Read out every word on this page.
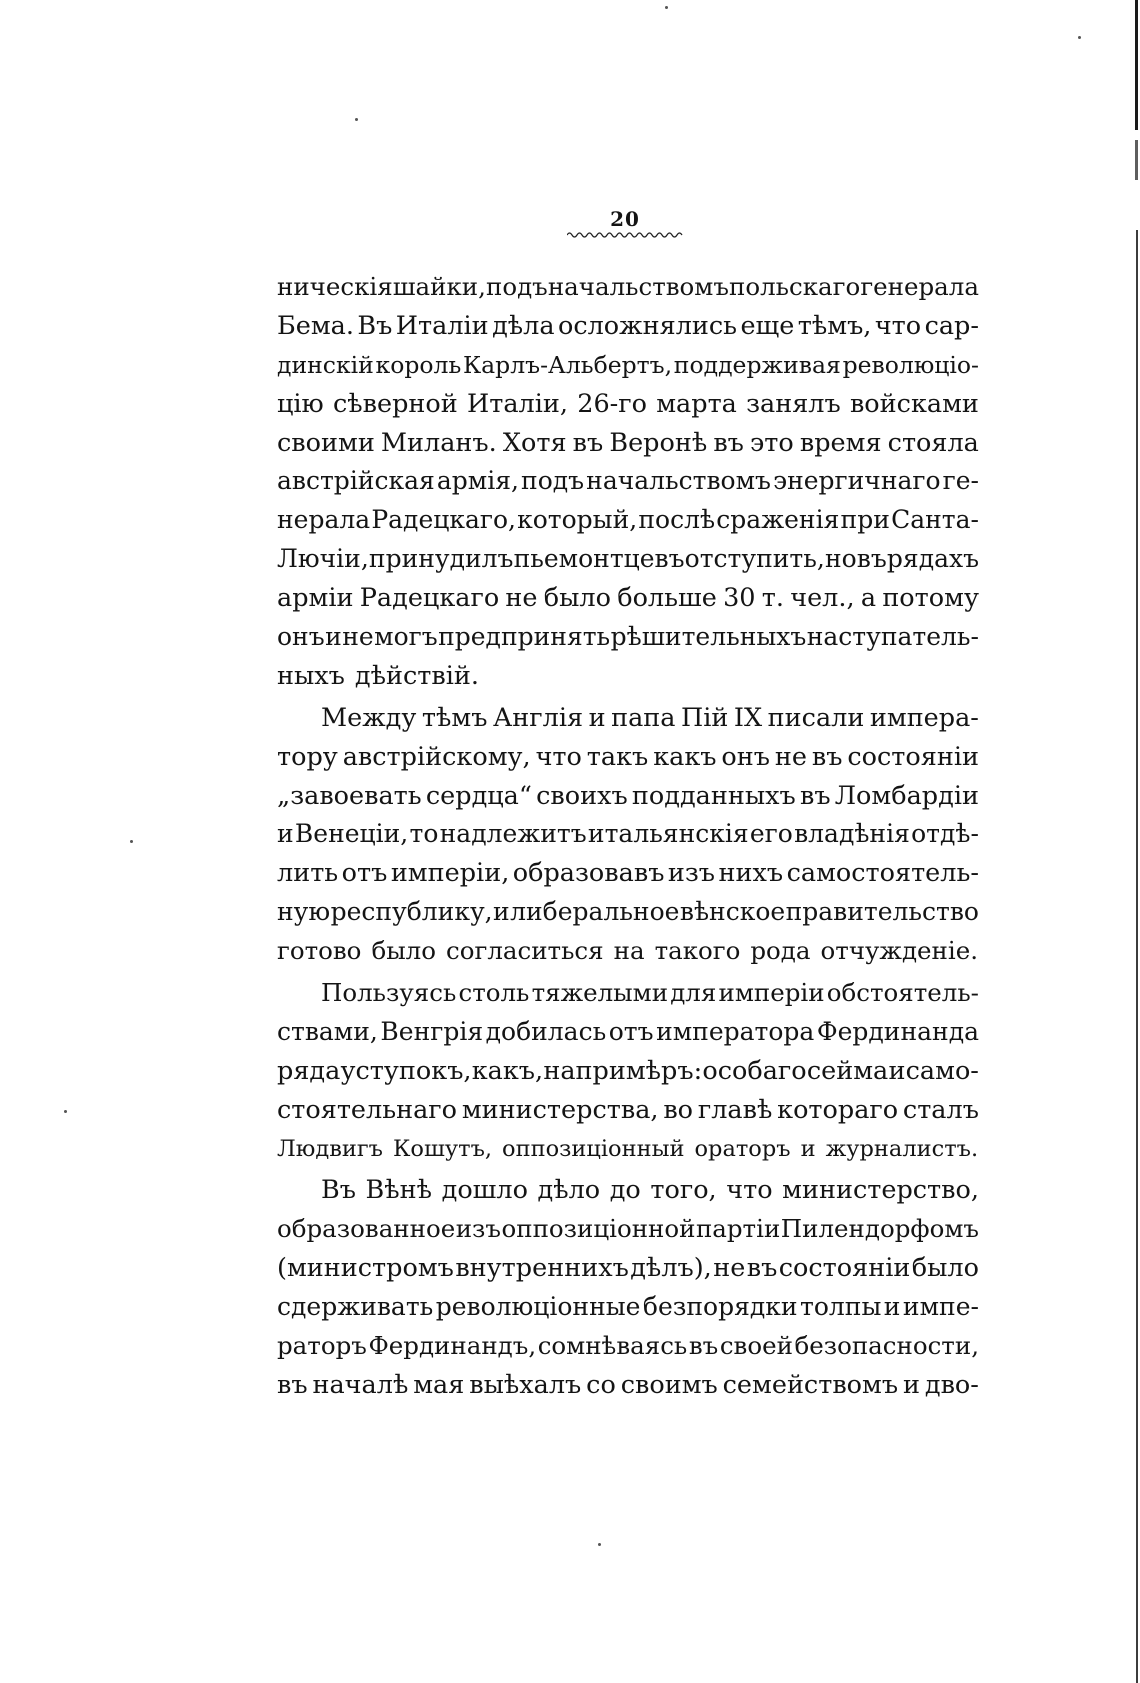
20
ническія шайки, подъ начальствомъ польскаго генерала
Бема. Въ Италіи дѣла осложнялись еще тѣмъ, что сар-
динскій король Карлъ-Альбертъ, поддерживая революціо-
цію сѣверной Италіи, 26-го марта занялъ войсками
своими Миланъ. Хотя въ Веронѣ въ это время стояла
австрійская армія, подъ начальствомъ энергичнаго ге-
нерала Радецкаго, который, послѣ сраженія при Санта-
Лючіи, принудилъ пьемонтцевъ отступить, но въ рядахъ
арміи Радецкаго не было больше 30 т. чел., а потому
онъ и не могъ предпринять рѣшительныхъ наступатель-
ныхъ дѣйствій.
Между тѣмъ Англія и папа Пій IX писали импера-
тору австрійскому, что такъ какъ онъ не въ состояніи
„завоевать сердца“ своихъ подданныхъ въ Ломбардіи
и Венеціи, то надлежитъ итальянскія его владѣнія отдѣ-
лить отъ имперіи, образовавъ изъ нихъ самостоятель-
ную республику, и либеральное вѣнское правительство
готово было согласиться на такого рода отчужденіе.
Пользуясь столь тяжелыми для имперіи обстоятель-
ствами, Венгрія добилась отъ императора Фердинанда
ряда уступокъ, какъ, напримѣръ: особаго сейма и само-
стоятельнаго министерства, во главѣ котораго сталъ
Людвигъ Кошутъ, оппозиціонный ораторъ и журналистъ.
Въ Вѣнѣ дошло дѣло до того, что министерство,
образованное изъ оппозиціонной партіи Пилендорфомъ
(министромъ внутреннихъ дѣлъ), не въ состояніи было
сдерживать революціонные безпорядки толпы и импе-
раторъ Фердинандъ, сомнѣваясь въ своей безопасности,
въ началѣ мая выѣхалъ со своимъ семействомъ и дво-
